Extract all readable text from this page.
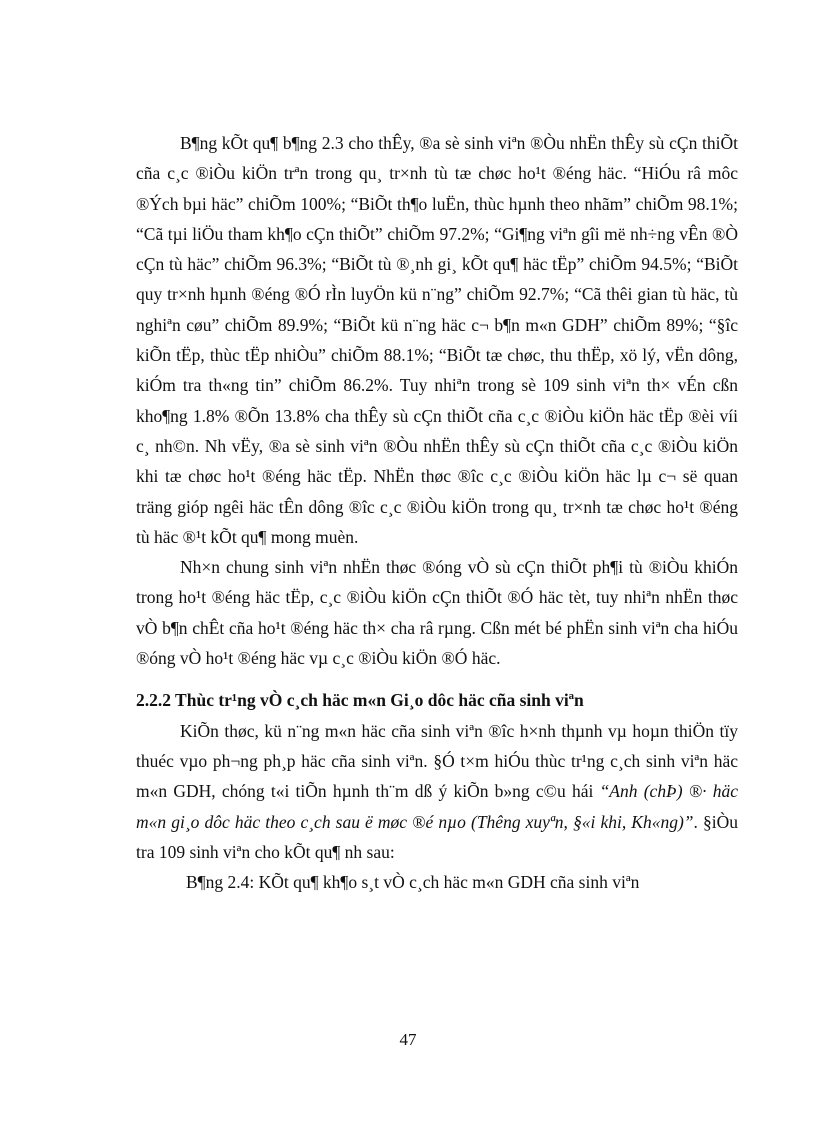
B¶ng kÕt qu¶ b¶ng 2.3 cho thÊy, ®a sè sinh viªn ®Òu nhËn thÊy sù cÇn thiÕt cña c¸c ®iÒu kiÖn trªn trong qu¸ tr×nh tù tæ chøc ho¹t ®éng häc. “HiÓu râ môc ®Ých bµi häc” chiÕm 100%; “BiÕt th¶o luËn, thùc hµnh theo nhãm” chiÕm 98.1%; “Cã tµi liÖu tham kh¶o cÇn thiÕt” chiÕm 97.2%; “Gi¶ng viªn gîi më nh÷ng vÊn ®Ò cÇn tù häc” chiÕm 96.3%; “BiÕt tù ®¸nh gi¸ kÕt qu¶ häc tËp” chiÕm 94.5%; “BiÕt quy tr×nh hµnh ®éng ®Ó rÌn luyÖn kü n¨ng” chiÕm 92.7%; “Cã thêi gian tù häc, tù nghiªn cøu” chiÕm 89.9%; “BiÕt kü n¨ng häc c¬ b¶n m«n GDH” chiÕm 89%; “§îc kiÕn tËp, thùc tËp nhiÒu” chiÕm 88.1%; “BiÕt tæ chøc, thu thËp, xö lý, vËn dông, kiÓm tra th«ng tin” chiÕm 86.2%. Tuy nhiªn trong sè 109 sinh viªn th× vÉn cßn kho¶ng 1.8% ®Õn 13.8% cha thÊy sù cÇn thiÕt cña c¸c ®iÒu kiÖn häc tËp ®èi víi c¸ nh©n. Nh vËy, ®a sè sinh viªn ®Òu nhËn thÊy sù cÇn thiÕt cña c¸c ®iÒu kiÖn khi tæ chøc ho¹t ®éng häc tËp. NhËn thøc ®îc c¸c ®iÒu kiÖn häc lµ c¬ së quan träng gióp ngêi häc tÊn dông ®îc c¸c ®iÒu kiÖn trong qu¸ tr×nh tæ chøc ho¹t ®éng tù häc ®¹t kÕt qu¶ mong muèn.

Nh×n chung sinh viªn nhËn thøc ®óng vÒ sù cÇn thiÕt ph¶i tù ®iÒu khiÓn trong ho¹t ®éng häc tËp, c¸c ®iÒu kiÖn cÇn thiÕt ®Ó häc tèt, tuy nhiªn nhËn thøc vÒ b¶n chÊt cña ho¹t ®éng häc th× cha râ rµng. Cßn mét bé phËn sinh viªn cha hiÓu ®óng vÒ ho¹t ®éng häc vµ c¸c ®iÒu kiÖn ®Ó häc.

2.2.2 Thùc tr¹ng vÒ c¸ch häc m«n Gi¸o dôc häc cña sinh viªn

KiÕn thøc, kü n¨ng m«n häc cña sinh viªn ®îc h×nh thµnh vµ hoµn thiÖn tïy thuéc vµo ph¬ng ph¸p häc cña sinh viªn. §Ó t×m hiÓu thùc tr¹ng c¸ch sinh viªn häc m«n GDH, chóng t«i tiÕn hµnh th¨m dß ý kiÕn b»ng c©u hái “Anh (chÞ) ®· häc m«n gi¸o dôc häc theo c¸ch sau ë møc ®é nµo (Thêng xuyªn, §«i khi, Kh«ng)”. §iÒu tra 109 sinh viªn cho kÕt qu¶ nh sau:

B¶ng 2.4: KÕt qu¶ kh¶o s¸t vÒ c¸ch häc m«n GDH cña sinh viªn

47
